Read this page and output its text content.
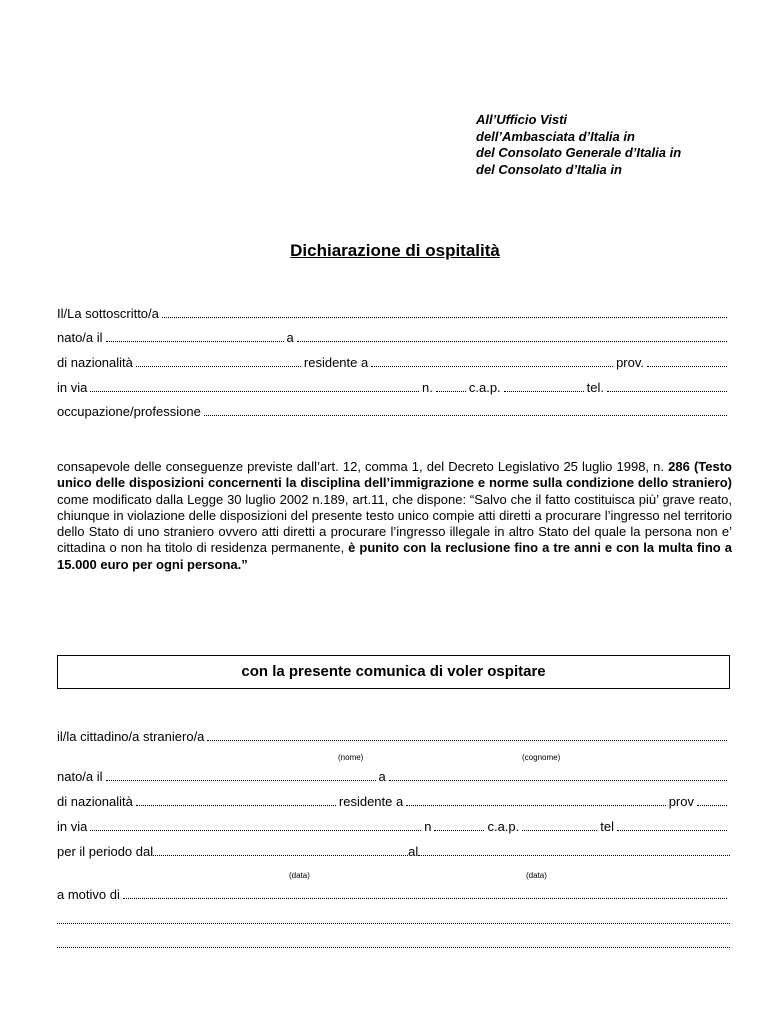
All’Ufficio Visti
dell’Ambasciata d’Italia in
del Consolato Generale d’Italia in
del Consolato d’Italia in
Dichiarazione di ospitalità
Il/La sottoscritto/a
nato/a il	a
di nazionalità	residente a	prov.
in via	n.	c.a.p.	tel.
occupazione/professione
consapevole delle conseguenze previste dall’art. 12, comma 1, del Decreto Legislativo 25 luglio 1998, n. 286 (Testo unico delle disposizioni concernenti la disciplina dell’immigrazione e norme sulla condizione dello straniero) come modificato dalla Legge 30 luglio 2002 n.189, art.11, che dispone: “Salvo che il fatto costituisca più’ grave reato, chiunque in violazione delle disposizioni del presente testo unico compie atti diretti a procurare l’ingresso nel territorio dello Stato di uno straniero ovvero atti diretti a procurare l’ingresso illegale in altro Stato del quale la persona non e’ cittadina o non ha titolo di residenza permanente, è punito con la reclusione fino a tre anni e con la multa fino a 15.000 euro per ogni persona.”
con la presente comunica di voler ospitare
il/la cittadino/a straniero/a
(nome)	(cognome)
nato/a il	a
di nazionalità	residente a	prov
in via	n	c.a.p.	tel
per il periodo dal	al
(data)	(data)
a motivo di
